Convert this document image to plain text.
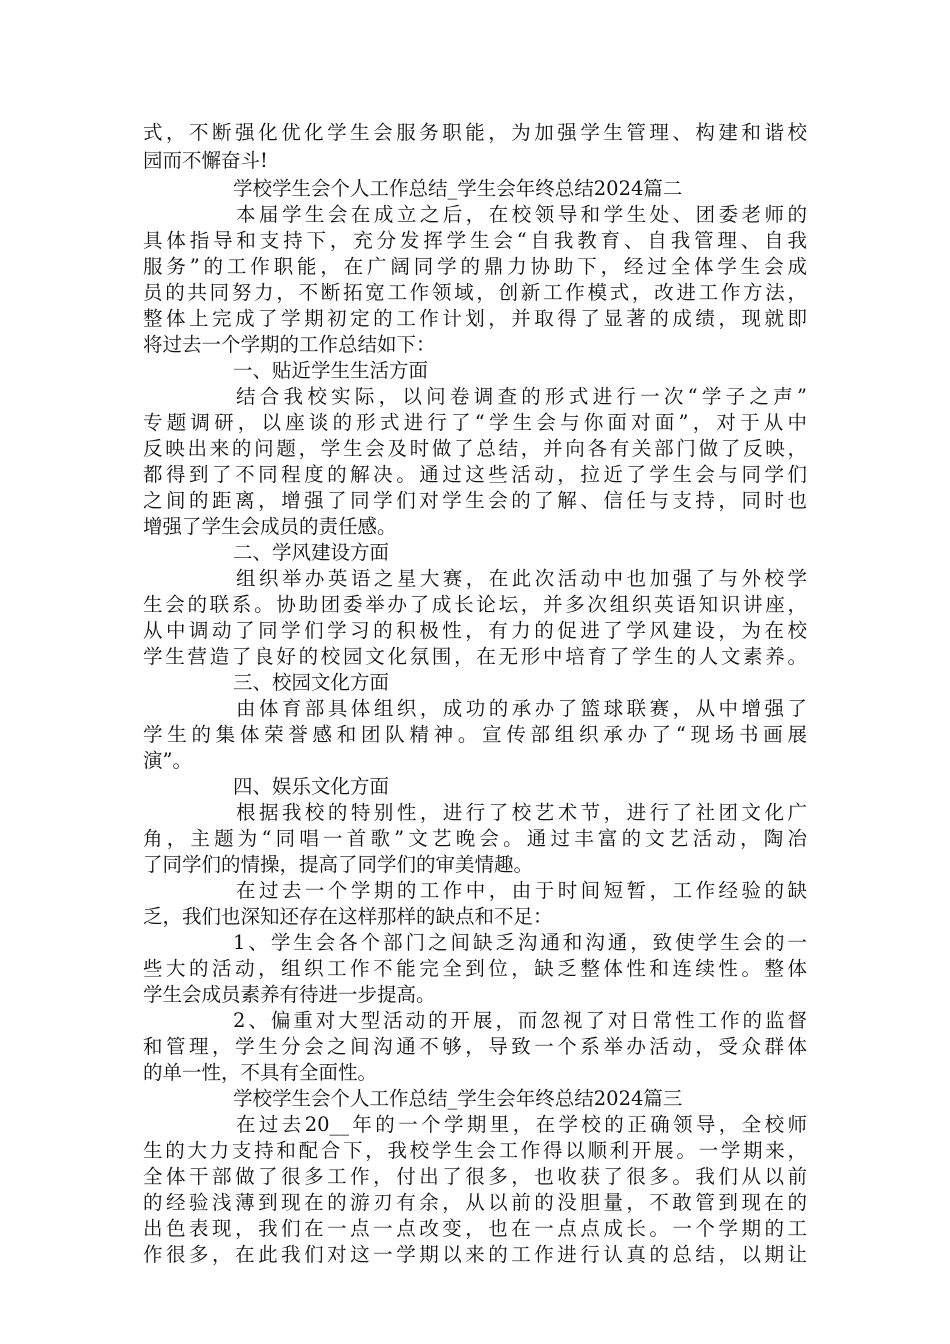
式，不断强化优化学生会服务职能，为加强学生管理、构建和谐校
园而不懈奋斗!
学校学生会个人工作总结_学生会年终总结2024篇二
本届学生会在成立之后，在校领导和学生处、团委老师的
具体指导和支持下，充分发挥学生会“自我教育、自我管理、自我
服务”的工作职能，在广阔同学的鼎力协助下，经过全体学生会成
员的共同努力，不断拓宽工作领域，创新工作模式，改进工作方法，
整体上完成了学期初定的工作计划，并取得了显著的成绩，现就即
将过去一个学期的工作总结如下：
一、贴近学生生活方面
结合我校实际，以问卷调查的形式进行一次“学子之声”
专题调研，以座谈的形式进行了“学生会与你面对面”，对于从中
反映出来的问题，学生会及时做了总结，并向各有关部门做了反映，
都得到了不同程度的解决。通过这些活动，拉近了学生会与同学们
之间的距离，增强了同学们对学生会的了解、信任与支持，同时也
增强了学生会成员的责任感。
二、学风建设方面
组织举办英语之星大赛，在此次活动中也加强了与外校学
生会的联系。协助团委举办了成长论坛，并多次组织英语知识讲座，
从中调动了同学们学习的积极性，有力的促进了学风建设，为在校
学生营造了良好的校园文化氛围，在无形中培育了学生的人文素养。
三、校园文化方面
由体育部具体组织，成功的承办了篮球联赛，从中增强了
学生的集体荣誉感和团队精神。宣传部组织承办了“现场书画展
演”。
四、娱乐文化方面
根据我校的特别性，进行了校艺术节，进行了社团文化广
角，主题为“同唱一首歌”文艺晚会。通过丰富的文艺活动，陶冶
了同学们的情操，提高了同学们的审美情趣。
在过去一个学期的工作中，由于时间短暂，工作经验的缺
乏，我们也深知还存在这样那样的缺点和不足：
1、学生会各个部门之间缺乏沟通和沟通，致使学生会的一
些大的活动，组织工作不能完全到位，缺乏整体性和连续性。整体
学生会成员素养有待进一步提高。
2、偏重对大型活动的开展，而忽视了对日常性工作的监督
和管理，学生分会之间沟通不够，导致一个系举办活动，受众群体
的单一性，不具有全面性。
学校学生会个人工作总结_学生会年终总结2024篇三
在过去20__年的一个学期里，在学校的正确领导，全校师
生的大力支持和配合下，我校学生会工作得以顺利开展。一学期来，
全体干部做了很多工作，付出了很多，也收获了很多。我们从以前
的经验浅薄到现在的游刃有余，从以前的没胆量，不敢管到现在的
出色表现，我们在一点一点改变，也在一点点成长。一个学期的工
作很多，在此我们对这一学期以来的工作进行认真的总结，以期让
